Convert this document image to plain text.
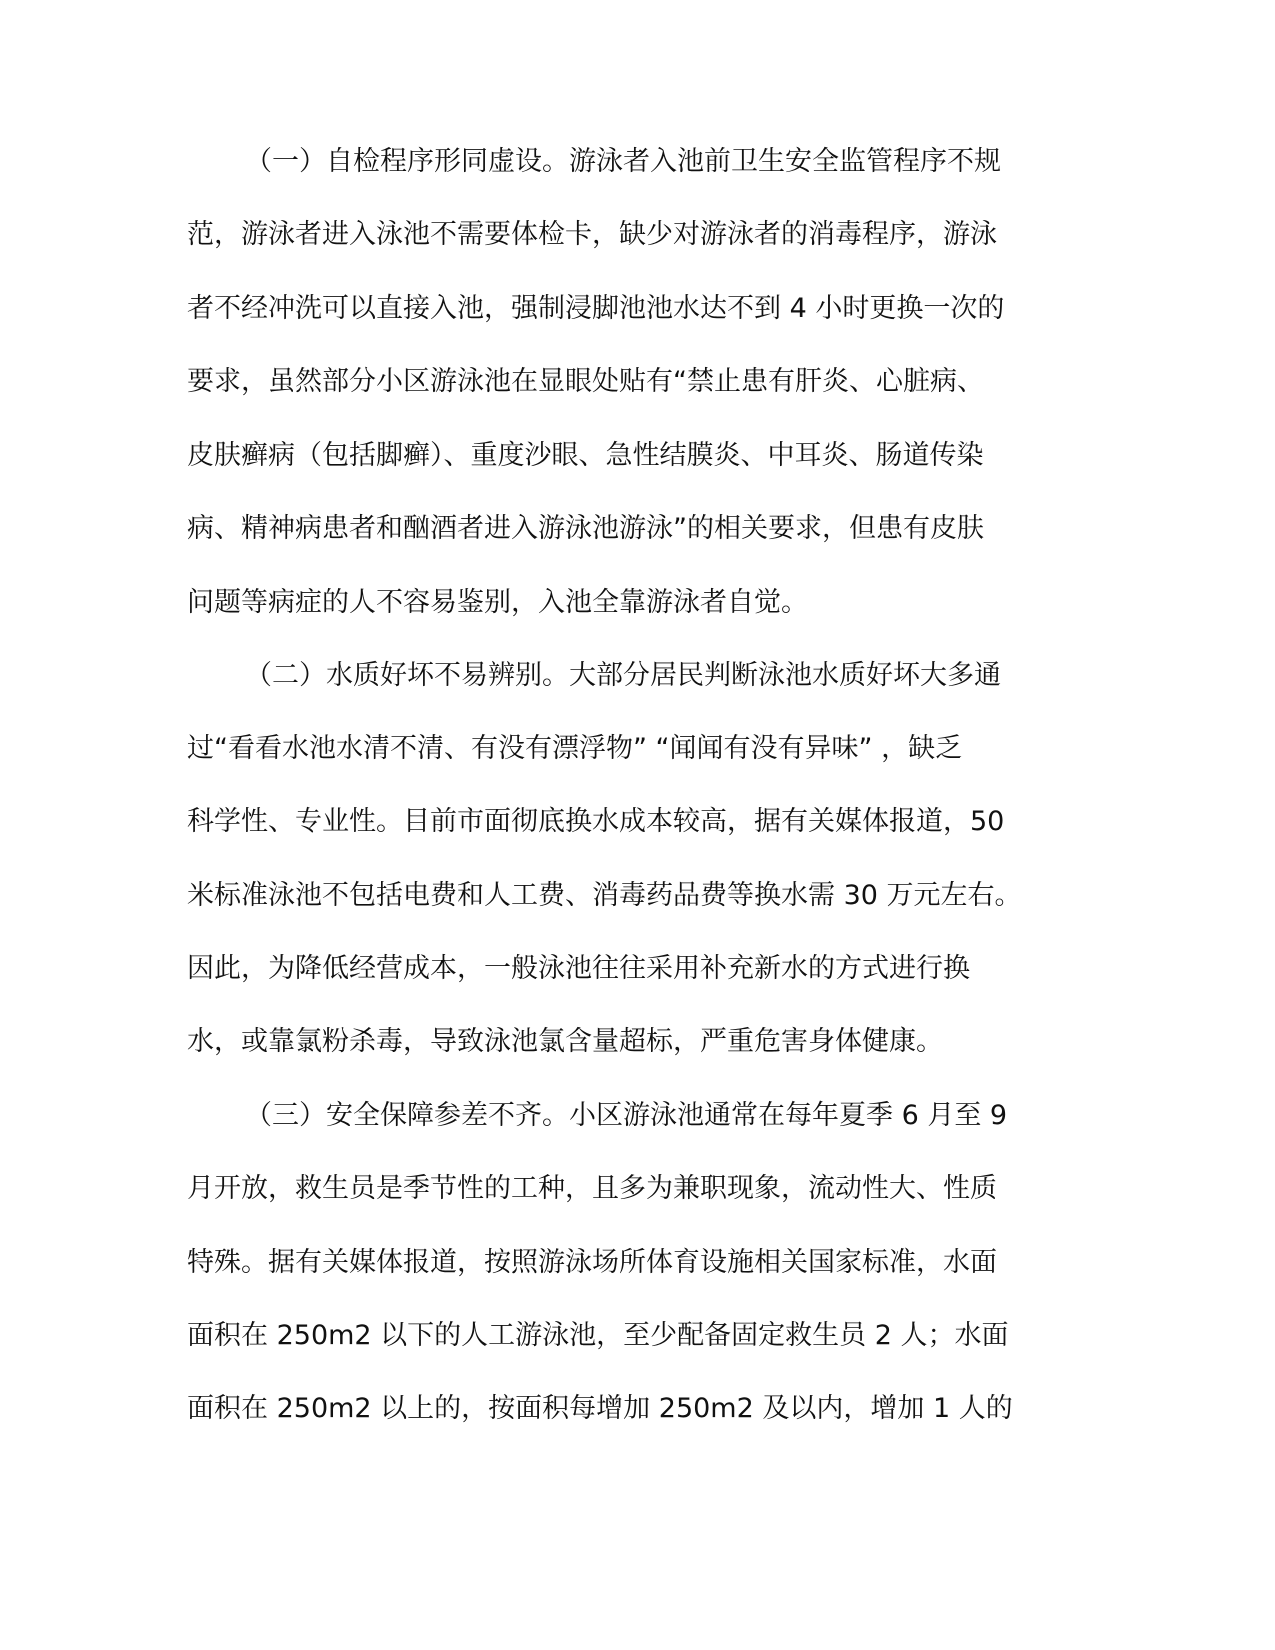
（一）自检程序形同虚设。游泳者入池前卫生安全监管程序不规
范，游泳者进入泳池不需要体检卡，缺少对游泳者的消毒程序，游泳
者不经冲洗可以直接入池，强制浸脚池池水达不到 4 小时更换一次的
要求，虽然部分小区游泳池在显眼处贴有“禁止患有肝炎、心脏病、
皮肤癣病（包括脚癣）、重度沙眼、急性结膜炎、中耳炎、肠道传染
病、精神病患者和酗酒者进入游泳池游泳”的相关要求，但患有皮肤
问题等病症的人不容易鉴别，入池全靠游泳者自觉。
（二）水质好坏不易辨别。大部分居民判断泳池水质好坏大多通
过“看看水池水清不清、有没有漂浮物” “闻闻有没有异味” ，缺乏
科学性、专业性。目前市面彻底换水成本较高，据有关媒体报道，50
米标准泳池不包括电费和人工费、消毒药品费等换水需 30 万元左右。
因此，为降低经营成本，一般泳池往往采用补充新水的方式进行换
水，或靠氯粉杀毒，导致泳池氯含量超标，严重危害身体健康。
（三）安全保障参差不齐。小区游泳池通常在每年夏季 6 月至 9
月开放，救生员是季节性的工种，且多为兼职现象，流动性大、性质
特殊。据有关媒体报道，按照游泳场所体育设施相关国家标准，水面
面积在 250m2 以下的人工游泳池，至少配备固定救生员 2 人；水面
面积在 250m2 以上的，按面积每增加 250m2 及以内，增加 1 人的
